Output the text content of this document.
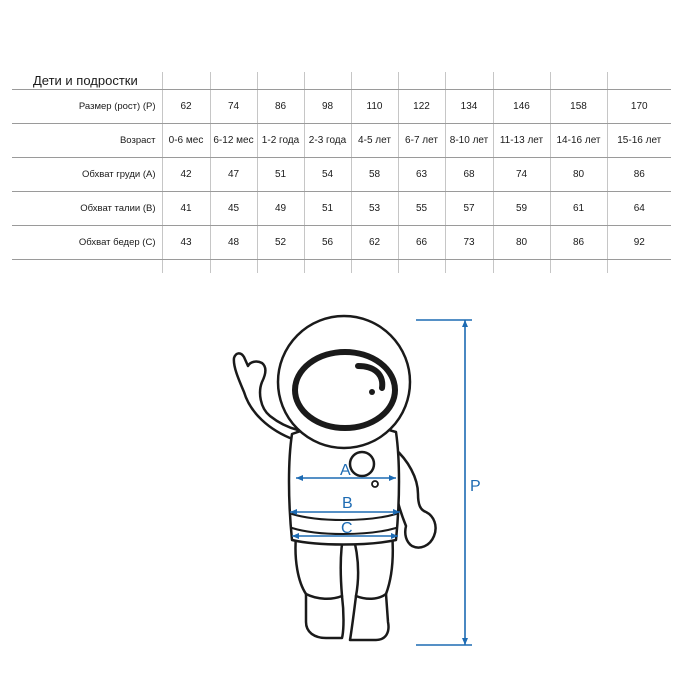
Дети и подростки										
Размер (рост) (P)	62	74	86	98	110	122	134	146	158	170
Возраст	0-6 мес	6-12 мес	1-2 года	2-3 года	4-5 лет	6-7 лет	8-10 лет	11-13 лет	14-16 лет	15-16 лет
Обхват груди (A)	42	47	51	54	58	63	68	74	80	86
Обхват талии (B)	41	45	49	51	53	55	57	59	61	64
Обхват бедер (C)	43	48	52	56	62	66	73	80	86	92

A
B
C
P
